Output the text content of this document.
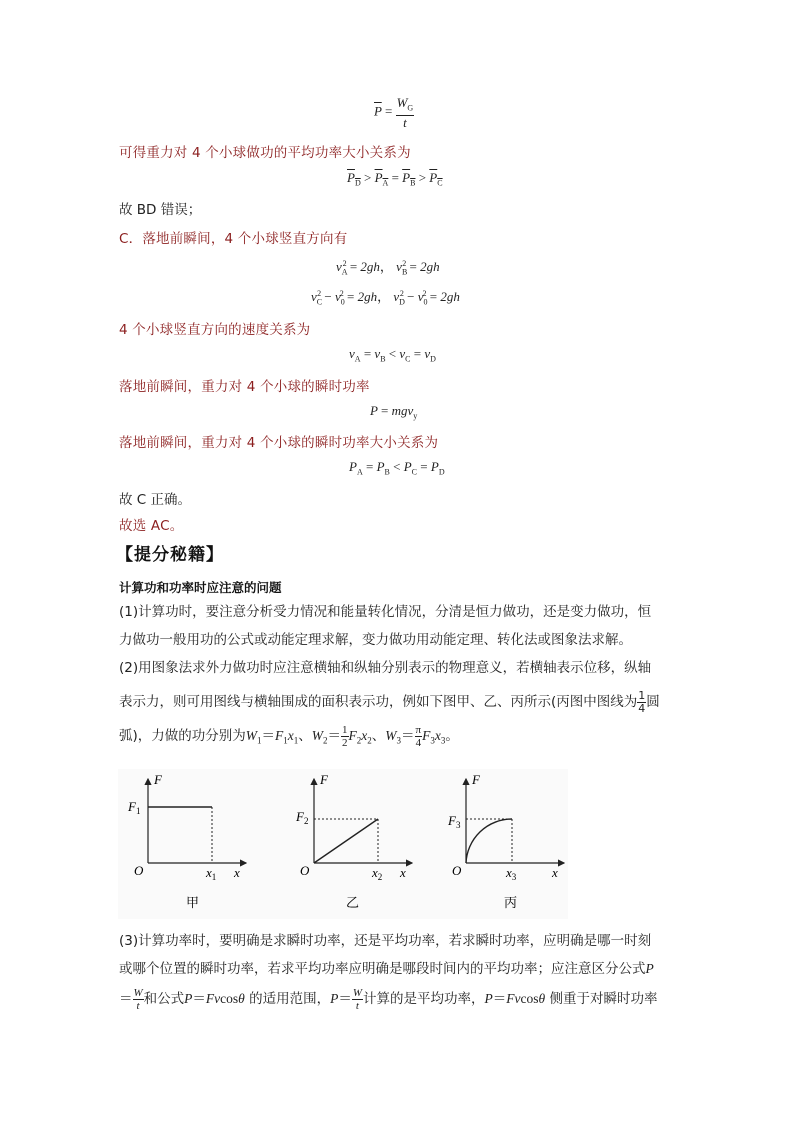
$\overline{P} = \frac{W_G}{t}$
可得重力对 4 个小球做功的平均功率大小关系为
$P_D > P_A = P_B > P_C$
故 BD 错误；
C．落地前瞬间，4 个小球竖直方向有
$v_A^2 = 2gh$， $v_B^2 = 2gh$
$v_C^2 - v_0^2 = 2gh$， $v_D^2 - v_0^2 = 2gh$
4 个小球竖直方向的速度关系为
$v_A = v_B < v_C = v_D$
落地前瞬间，重力对 4 个小球的瞬时功率
P = mgv$_y$
落地前瞬间，重力对 4 个小球的瞬时功率大小关系为
$P_A = P_B < P_C = P_D$
故 C 正确。
故选 AC。
【提分秘籍】
计算功和功率时应注意的问题
(1)计算功时，要注意分析受力情况和能量转化情况，分清是恒力做功，还是变力做功，恒
力做功一般用功的公式或动能定理求解，变力做功用动能定理、转化法或图象法求解。
(2)用图象法求外力做功时应注意横轴和纵轴分别表示的物理意义，若横轴表示位移，纵轴
表示力，则可用图线与横轴围成的面积表示功，例如下图甲、乙、丙所示(丙图中图线为 $\frac{1}{4}$ 圆
弧)，力做的功分别为$W_1=F_1x_1$、$W_2= \frac{1}{2} F_2x_2$、$W_3= \frac{\pi}{4} F_3x_3$。
F
$F_1$
O	$x_1$ x
甲
F
$F_2$
O	$x_2$ x
乙
F
$F_3$
O	$x_3$	x
丙
(3)计算功率时，要明确是求瞬时功率，还是平均功率，若求瞬时功率，应明确是哪一时刻
或哪个位置的瞬时功率，若求平均功率应明确是哪段时间内的平均功率；应注意区分公式P
＝ $\frac{W}{t}$ 和公式P＝Fvcosθ 的适用范围，$P= \frac{W}{t}$ 计算的是平均功率，P＝Fvcosθ 侧重于对瞬时功率
